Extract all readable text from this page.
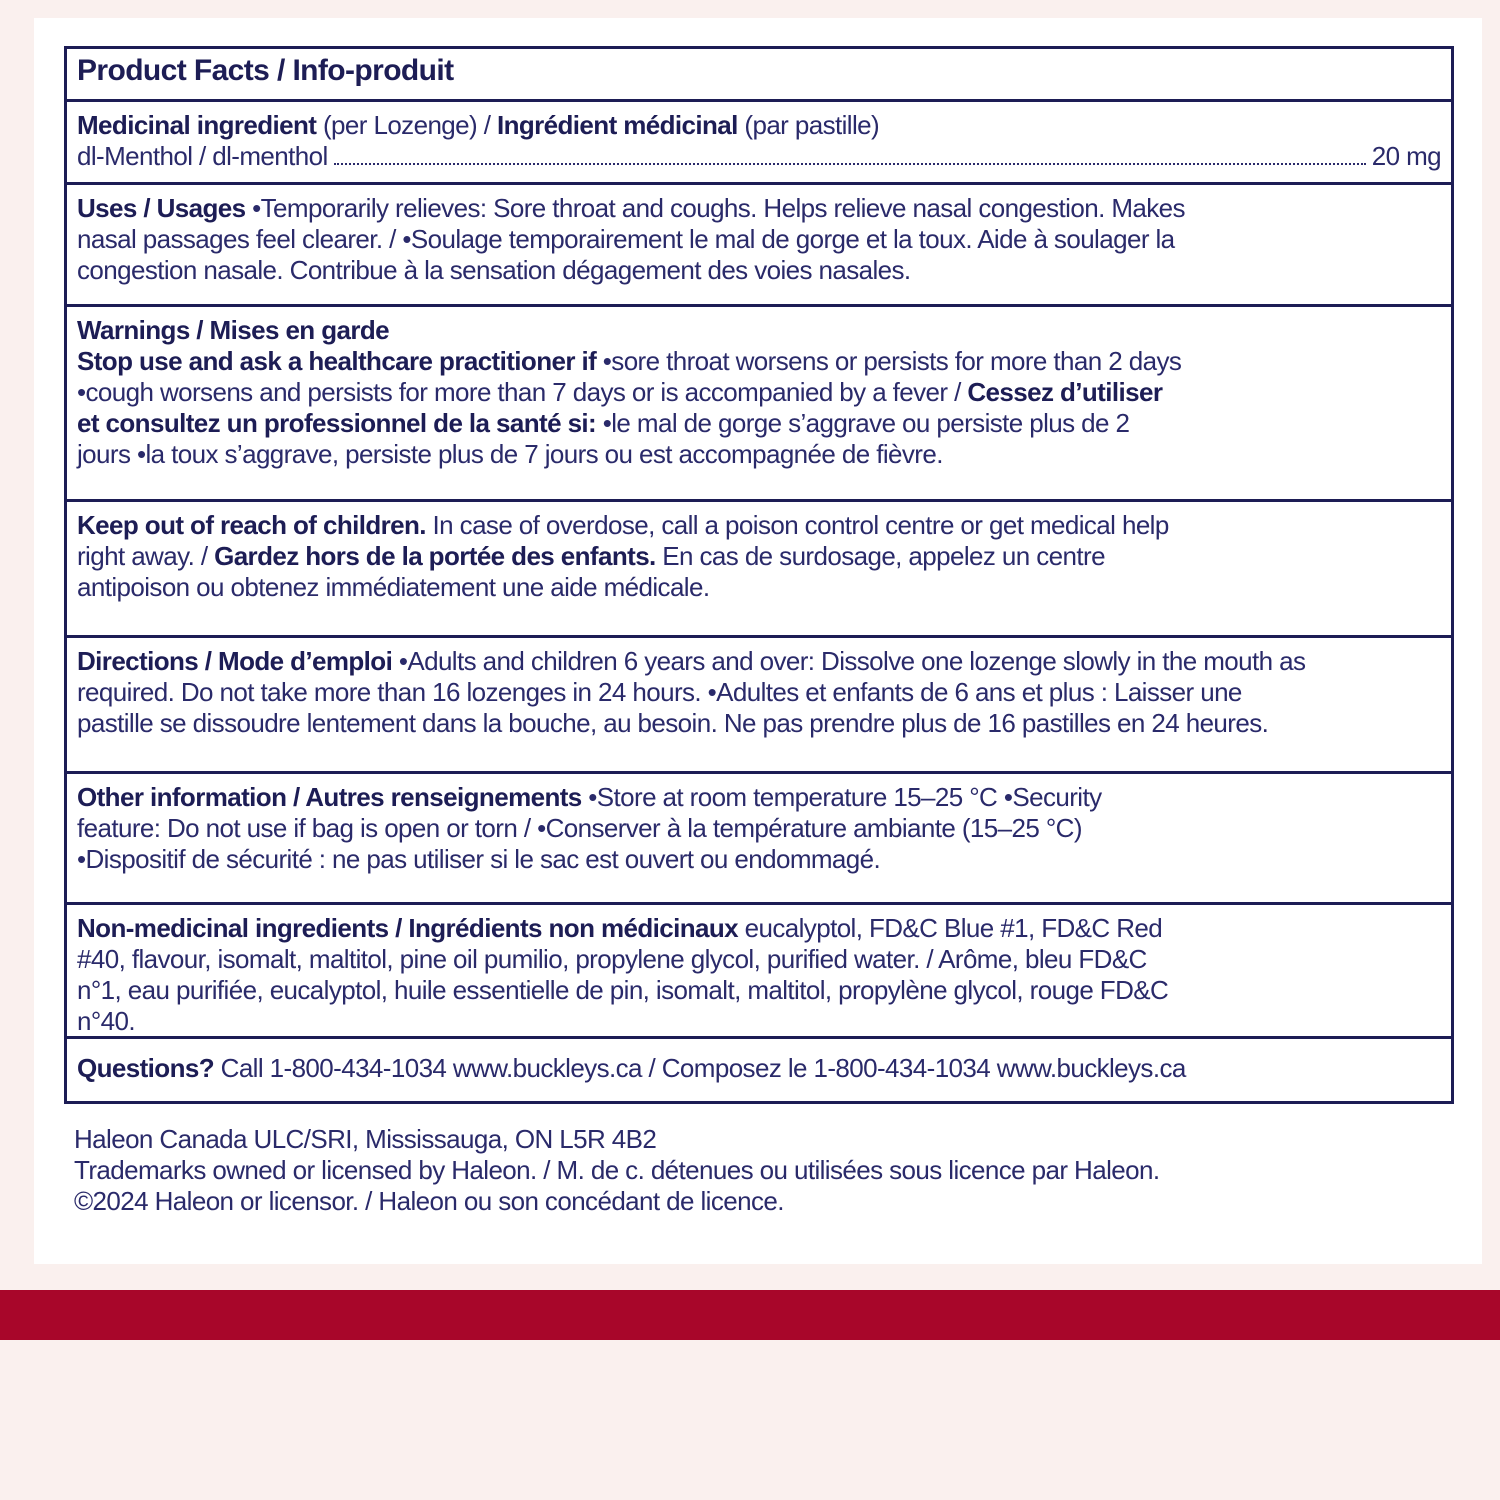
Product Facts / Info-produit
Medicinal ingredient (per Lozenge) / Ingrédient médicinal (par pastille)
dl-Menthol / dl-menthol	20 mg
Uses / Usages •Temporarily relieves: Sore throat and coughs. Helps relieve nasal congestion. Makes nasal passages feel clearer. / •Soulage temporairement le mal de gorge et la toux. Aide à soulager la congestion nasale. Contribue à la sensation dégagement des voies nasales.
Warnings / Mises en garde
Stop use and ask a healthcare practitioner if •sore throat worsens or persists for more than 2 days •cough worsens and persists for more than 7 days or is accompanied by a fever / Cessez d’utiliser et consultez un professionnel de la santé si: •le mal de gorge s’aggrave ou persiste plus de 2 jours •la toux s’aggrave, persiste plus de 7 jours ou est accompagnée de fièvre.
Keep out of reach of children. In case of overdose, call a poison control centre or get medical help right away. / Gardez hors de la portée des enfants. En cas de surdosage, appelez un centre antipoison ou obtenez immédiatement une aide médicale.
Directions / Mode d’emploi •Adults and children 6 years and over: Dissolve one lozenge slowly in the mouth as required. Do not take more than 16 lozenges in 24 hours. •Adultes et enfants de 6 ans et plus : Laisser une pastille se dissoudre lentement dans la bouche, au besoin. Ne pas prendre plus de 16 pastilles en 24 heures.
Other information / Autres renseignements •Store at room temperature 15–25 °C •Security feature: Do not use if bag is open or torn / •Conserver à la température ambiante (15–25 °C) •Dispositif de sécurité : ne pas utiliser si le sac est ouvert ou endommagé.
Non-medicinal ingredients / Ingrédients non médicinaux eucalyptol, FD&C Blue #1, FD&C Red #40, flavour, isomalt, maltitol, pine oil pumilio, propylene glycol, purified water. / Arôme, bleu FD&C n°1, eau purifiée, eucalyptol, huile essentielle de pin, isomalt, maltitol, propylène glycol, rouge FD&C n°40.
Questions? Call 1-800-434-1034 www.buckleys.ca / Composez le 1-800-434-1034 www.buckleys.ca
Haleon Canada ULC/SRI, Mississauga, ON L5R 4B2
Trademarks owned or licensed by Haleon. / M. de c. détenues ou utilisées sous licence par Haleon.
©2024 Haleon or licensor. / Haleon ou son concédant de licence.
